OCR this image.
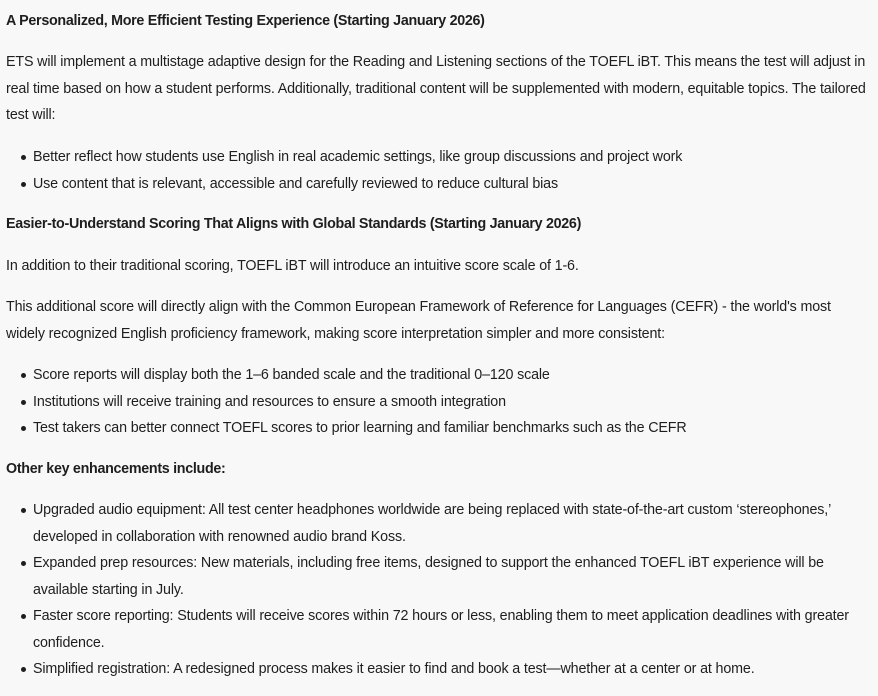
A Personalized, More Efficient Testing Experience (Starting January 2026)

ETS will implement a multistage adaptive design for the Reading and Listening sections of the TOEFL iBT. This means the test will adjust in real time based on how a student performs. Additionally, traditional content will be supplemented with modern, equitable topics. The tailored test will:

Better reflect how students use English in real academic settings, like group discussions and project work
Use content that is relevant, accessible and carefully reviewed to reduce cultural bias
Easier-to-Understand Scoring That Aligns with Global Standards (Starting January 2026)

In addition to their traditional scoring, TOEFL iBT will introduce an intuitive score scale of 1-6.

This additional score will directly align with the Common European Framework of Reference for Languages (CEFR) - the world's most widely recognized English proficiency framework, making score interpretation simpler and more consistent:

Score reports will display both the 1–6 banded scale and the traditional 0–120 scale
Institutions will receive training and resources to ensure a smooth integration
Test takers can better connect TOEFL scores to prior learning and familiar benchmarks such as the CEFR
Other key enhancements include:
Upgraded audio equipment: All test center headphones worldwide are being replaced with state-of-the-art custom ‘stereophones,’ developed in collaboration with renowned audio brand Koss.
Expanded prep resources: New materials, including free items, designed to support the enhanced TOEFL iBT experience will be available starting in July.
Faster score reporting: Students will receive scores within 72 hours or less, enabling them to meet application deadlines with greater confidence.
Simplified registration: A redesigned process makes it easier to find and book a test—whether at a center or at home.
